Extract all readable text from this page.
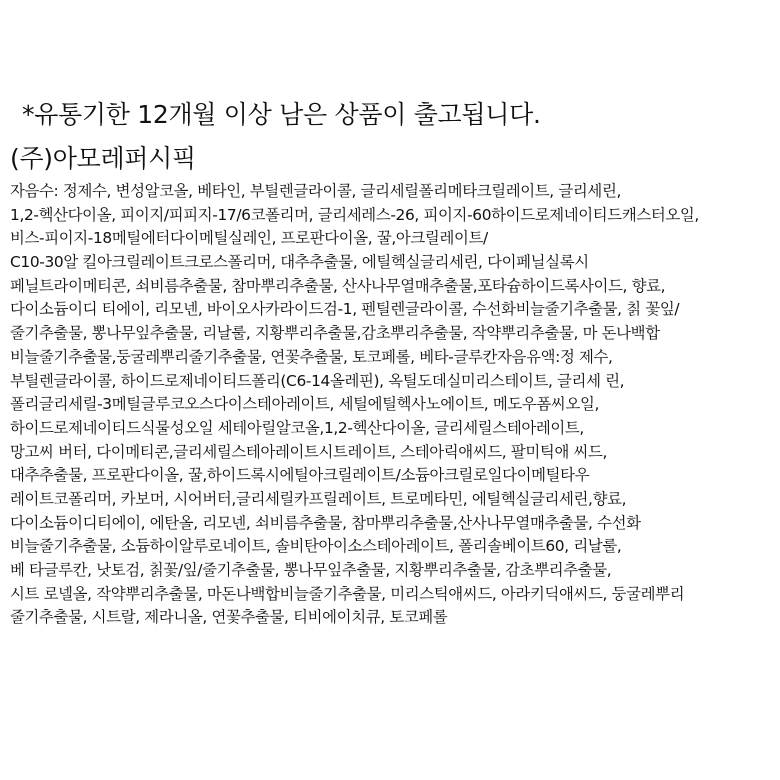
*유통기한 12개월 이상 남은 상품이 출고됩니다.
(주)아모레퍼시픽
자음수: 정제수, 변성알코올, 베타인, 부틸렌글라이콜, 글리세릴폴리메타크릴레이트, 글리세린,
1,2-헥산다이올, 피이지/피피지-17/6코폴리머, 글리세레스-26, 피이지-60하이드로제네이티드캐스터오일,
비스-피이지-18메틸에터다이메틸실레인, 프로판다이올, 꿀,아크릴레이트/
C10-30알 킬아크릴레이트크로스폴리머, 대추추출물, 에틸헥실글리세린, 다이페닐실록시
페닐트라이메티콘, 쇠비름추출물, 참마뿌리추출물, 산사나무열매추출물,포타슘하이드록사이드, 향료,
다이소듐이디 티에이, 리모넨, 바이오사카라이드검-1, 펜틸렌글라이콜, 수선화비늘줄기추출물, 칡 꽃잎/
줄기추출물, 뽕나무잎추출물, 리날룰, 지황뿌리추출물,감초뿌리추출물, 작약뿌리추출물, 마 돈나백합
비늘줄기추출물,둥굴레뿌리줄기추출물, 연꽃추출물, 토코페롤, 베타-글루칸자음유액:정 제수,
부틸렌글라이콜, 하이드로제네이티드폴리(C6-14올레핀), 옥틸도데실미리스테이트, 글리세 린,
폴리글리세릴-3메틸글루코오스다이스테아레이트, 세틸에틸헥사노에이트, 메도우폼씨오일,
하이드로제네이티드식물성오일 세테아릴알코올,1,2-헥산다이올, 글리세릴스테아레이트,
망고씨 버터, 다이메티콘,글리세릴스테아레이트시트레이트, 스테아릭애씨드, 팔미틱애 씨드,
대추추출물, 프로판다이올, 꿀,하이드록시에틸아크릴레이트/소듐아크릴로일다이메틸타우
레이트코폴리머, 카보머, 시어버터,글리세릴카프릴레이트, 트로메타민, 에틸헥실글리세린,향료,
다이소듐이디티에이, 에탄올, 리모넨, 쇠비름추출물, 참마뿌리추출물,산사나무열매추출물, 수선화
비늘줄기추출물, 소듐하이알루로네이트, 솔비탄아이소스테아레이트, 폴리솔베이트60, 리날룰,
베 타글루칸, 낫토검, 칡꽃/잎/줄기추출물, 뽕나무잎추출물, 지황뿌리추출물, 감초뿌리추출물,
시트 로넬올, 작약뿌리추출물, 마돈나백합비늘줄기추출물, 미리스틱애씨드, 아라키딕애씨드, 둥굴레뿌리
줄기추출물, 시트랄, 제라니올, 연꽃추출물, 티비에이치큐, 토코페롤
